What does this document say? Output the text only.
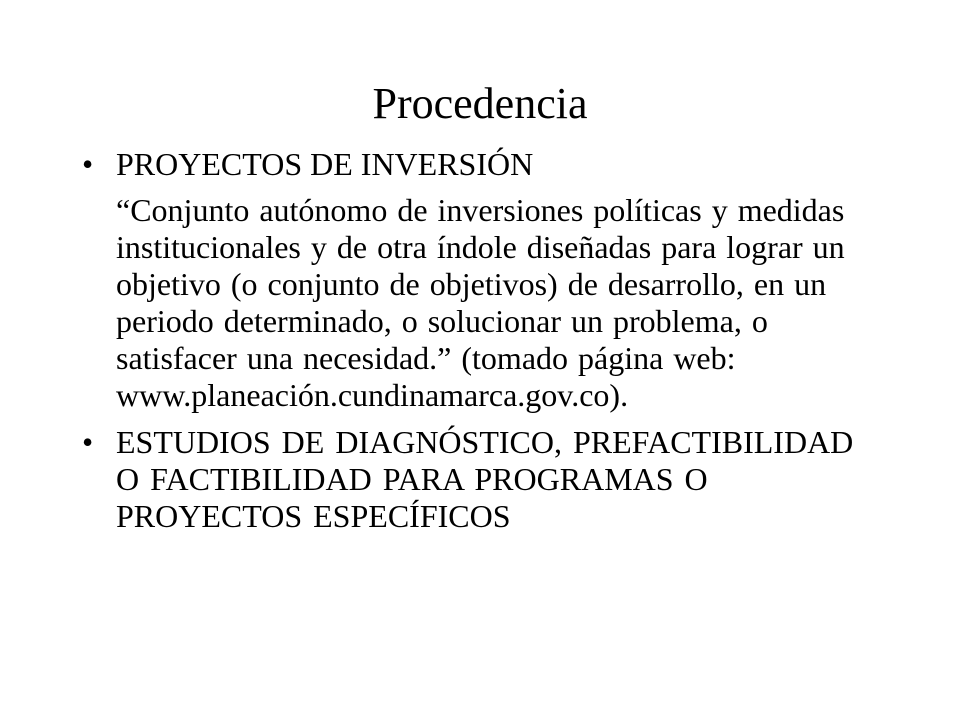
Procedencia
• PROYECTOS DE INVERSIÓN
“Conjunto autónomo de inversiones políticas y medidas institucionales y de otra índole diseñadas para lograr un objetivo (o conjunto de objetivos) de desarrollo, en un periodo determinado, o solucionar un problema, o satisfacer una necesidad.” (tomado página web: www.planeación.cundinamarca.gov.co).
• ESTUDIOS DE DIAGNÓSTICO, PREFACTIBILIDAD O FACTIBILIDAD PARA PROGRAMAS O PROYECTOS ESPECÍFICOS
